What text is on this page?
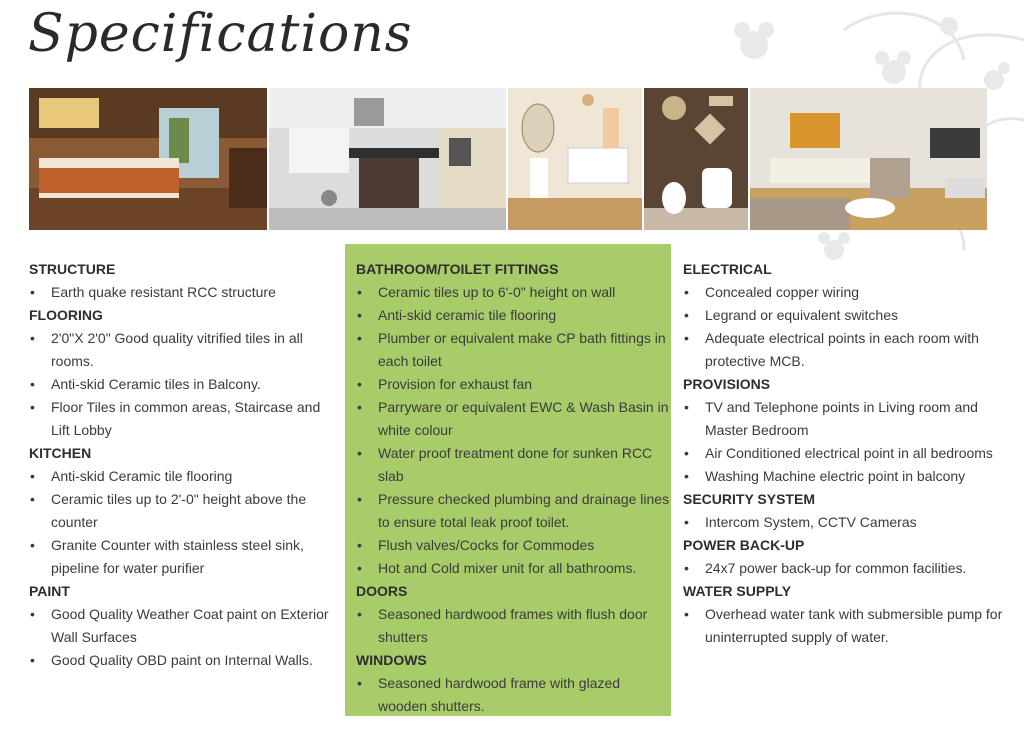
Specifications

STRUCTURE

• Earth quake resistant RCC structure

FLOORING

• 2'0"X 2'0" Good quality vitrified tiles in all rooms.
• Anti-skid Ceramic tiles in Balcony.
• Floor Tiles in common areas, Staircase and Lift Lobby

KITCHEN

• Anti-skid Ceramic tile flooring
• Ceramic tiles up to 2'-0" height above the counter
• Granite Counter with stainless steel sink, pipeline for water purifier

PAINT

• Good Quality Weather Coat paint on Exterior Wall Surfaces
• Good Quality OBD paint on Internal Walls.

BATHROOM/TOILET FITTINGS

• Ceramic tiles up to 6'-0" height on wall
• Anti-skid ceramic tile flooring
• Plumber or equivalent make CP bath fittings in each toilet
• Provision for exhaust fan
• Parryware or equivalent EWC & Wash Basin in white colour
• Water proof treatment done for sunken RCC slab
• Pressure checked plumbing and drainage lines to ensure total leak proof toilet.
• Flush valves/Cocks for Commodes
• Hot and Cold mixer unit for all bathrooms.

DOORS

• Seasoned hardwood frames with flush door shutters

WINDOWS

• Seasoned hardwood frame with glazed wooden shutters.

ELECTRICAL

• Concealed copper wiring
• Legrand or equivalent switches
• Adequate electrical points in each room with protective MCB.

PROVISIONS

• TV and Telephone points in Living room and Master Bedroom
• Air Conditioned electrical point in all bedrooms
• Washing Machine electric point in balcony

SECURITY SYSTEM

• Intercom System, CCTV Cameras

POWER BACK-UP

• 24x7 power back-up for common facilities.

WATER SUPPLY

• Overhead water tank with submersible pump for uninterrupted supply of water.
